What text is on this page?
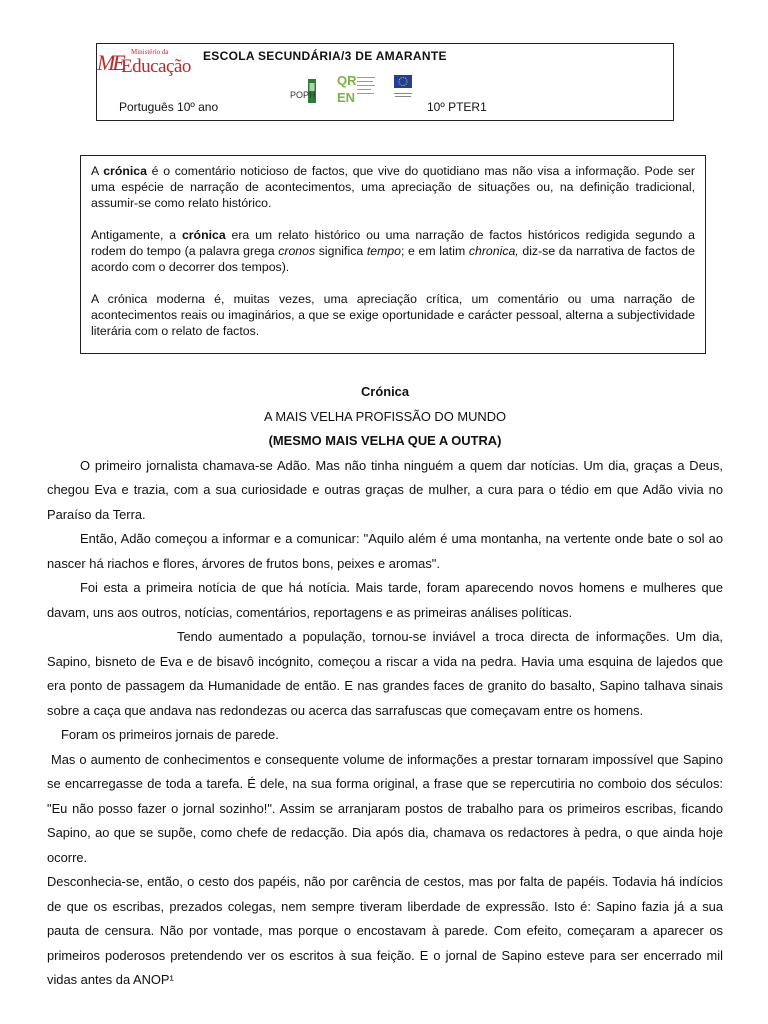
ME Ministério da
Educação ESCOLA SECUNDÁRIA/3 DE AMARANTE
Português 10º ano	10º PTER1
POPH
QR
EN

A crónica é o comentário noticioso de factos, que vive do quotidiano mas não visa a informação. Pode ser uma espécie de narração de acontecimentos, uma apreciação de situações ou, na definição tradicional, assumir-se como relato histórico.

Antigamente, a crónica era um relato histórico ou uma narração de factos históricos redigida segundo a rodem do tempo (a palavra grega cronos significa tempo; e em latim chronica, diz-se da narrativa de factos de acordo com o decorrer dos tempos).

A crónica moderna é, muitas vezes, uma apreciação crítica, um comentário ou uma narração de acontecimentos reais ou imaginários, a que se exige oportunidade e carácter pessoal, alterna a subjectividade literária com o relato de factos.

Crónica

A MAIS VELHA PROFISSÃO DO MUNDO

(MESMO MAIS VELHA QUE A OUTRA)

O primeiro jornalista chamava-se Adão. Mas não tinha ninguém a quem dar notícias. Um dia, graças a Deus, chegou Eva e trazia, com a sua curiosidade e outras graças de mulher, a cura para o tédio em que Adão vivia no Paraíso da Terra.

Então, Adão começou a informar e a comunicar: "Aquilo além é uma montanha, na vertente onde bate o sol ao nascer há riachos e flores, árvores de frutos bons, peixes e aromas".

Foi esta a primeira notícia de que há notícia. Mais tarde, foram aparecendo novos homens e mulheres que davam, uns aos outros, notícias, comentários, reportagens e as primeiras análises políticas.

Tendo aumentado a população, tornou-se inviável a troca directa de informações. Um dia, Sapino, bisneto de Eva e de bisavô incógnito, começou a riscar a vida na pedra. Havia uma esquina de lajedos que era ponto de passagem da Humanidade de então. E nas grandes faces de granito do basalto, Sapino talhava sinais sobre a caça que andava nas redondezas ou acerca das sarrafuscas que começavam entre os homens.

Foram os primeiros jornais de parede.

Mas o aumento de conhecimentos e consequente volume de informações a prestar tornaram impossível que Sapino se encarregasse de toda a tarefa. É dele, na sua forma original, a frase que se repercutiria no comboio dos séculos: "Eu não posso fazer o jornal sozinho!". Assim se arranjaram postos de trabalho para os primeiros escribas, ficando Sapino, ao que se supõe, como chefe de redacção. Dia após dia, chamava os redactores à pedra, o que ainda hoje ocorre.

Desconhecia-se, então, o cesto dos papéis, não por carência de cestos, mas por falta de papéis. Todavia há indícios de que os escribas, prezados colegas, nem sempre tiveram liberdade de expressão. Isto é: Sapino fazia já a sua pauta de censura. Não por vontade, mas porque o encostavam à parede. Com efeito, começaram a aparecer os primeiros poderosos pretendendo ver os escritos à sua feição. E o jornal de Sapino esteve para ser encerrado mil vidas antes da ANOP¹
